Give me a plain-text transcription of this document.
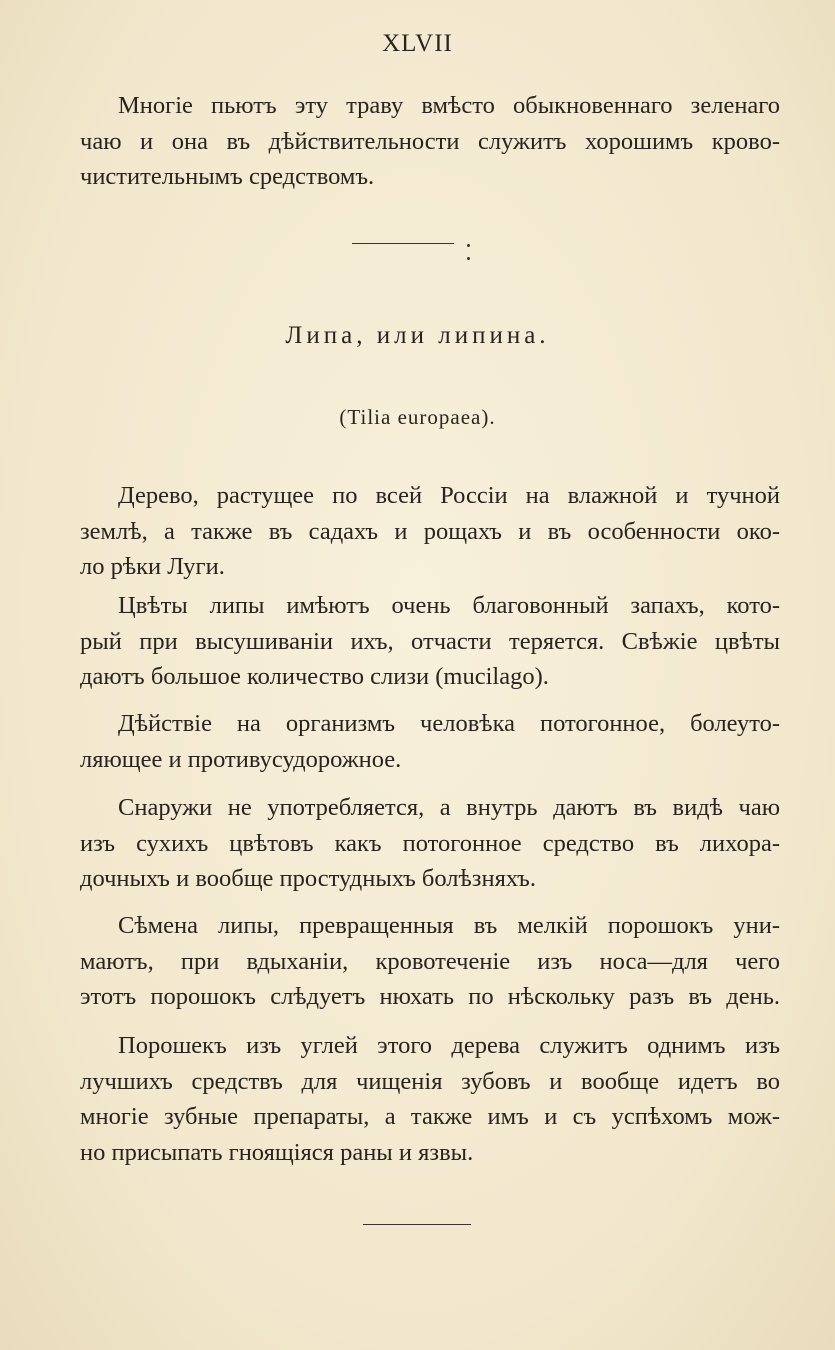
XLVII

Многіе пьютъ эту траву вмѣсто обыкновеннаго зеленаго
чаю и она въ дѣйствительности служитъ хорошимъ крово-
чистительнымъ средствомъ.

Липа, или липина.
(Tilia europaea).

Дерево, растущее по всей Россіи на влажной и тучной
землѣ, а также въ садахъ и рощахъ и въ особенности око-
ло рѣки Луги.

Цвѣты липы имѣютъ очень благовонный запахъ, кото-
рый при высушиваніи ихъ, отчасти теряется. Свѣжіе цвѣты
даютъ большое количество слизи (mucilago).

Дѣйствіе на организмъ человѣка потогонное, болеуто-
ляющее и противусудорожное.

Снаружи не употребляется, а внутрь даютъ въ видѣ чаю
изъ сухихъ цвѣтовъ какъ потогонное средство въ лихора-
дочныхъ и вообще простудныхъ болѣзняхъ.

Сѣмена липы, превращенныя въ мелкій порошокъ уни-
маютъ, при вдыханіи, кровотеченіе изъ носа—для чего
этотъ порошокъ слѣдуетъ нюхать по нѣскольку разъ въ день.

Порошекъ изъ углей этого дерева служитъ однимъ изъ
лучшихъ средствъ для чищенія зубовъ и вообще идетъ во
многіе зубные препараты, а также имъ и съ успѣхомъ мож-
но присыпать гноящіяся раны и язвы.
